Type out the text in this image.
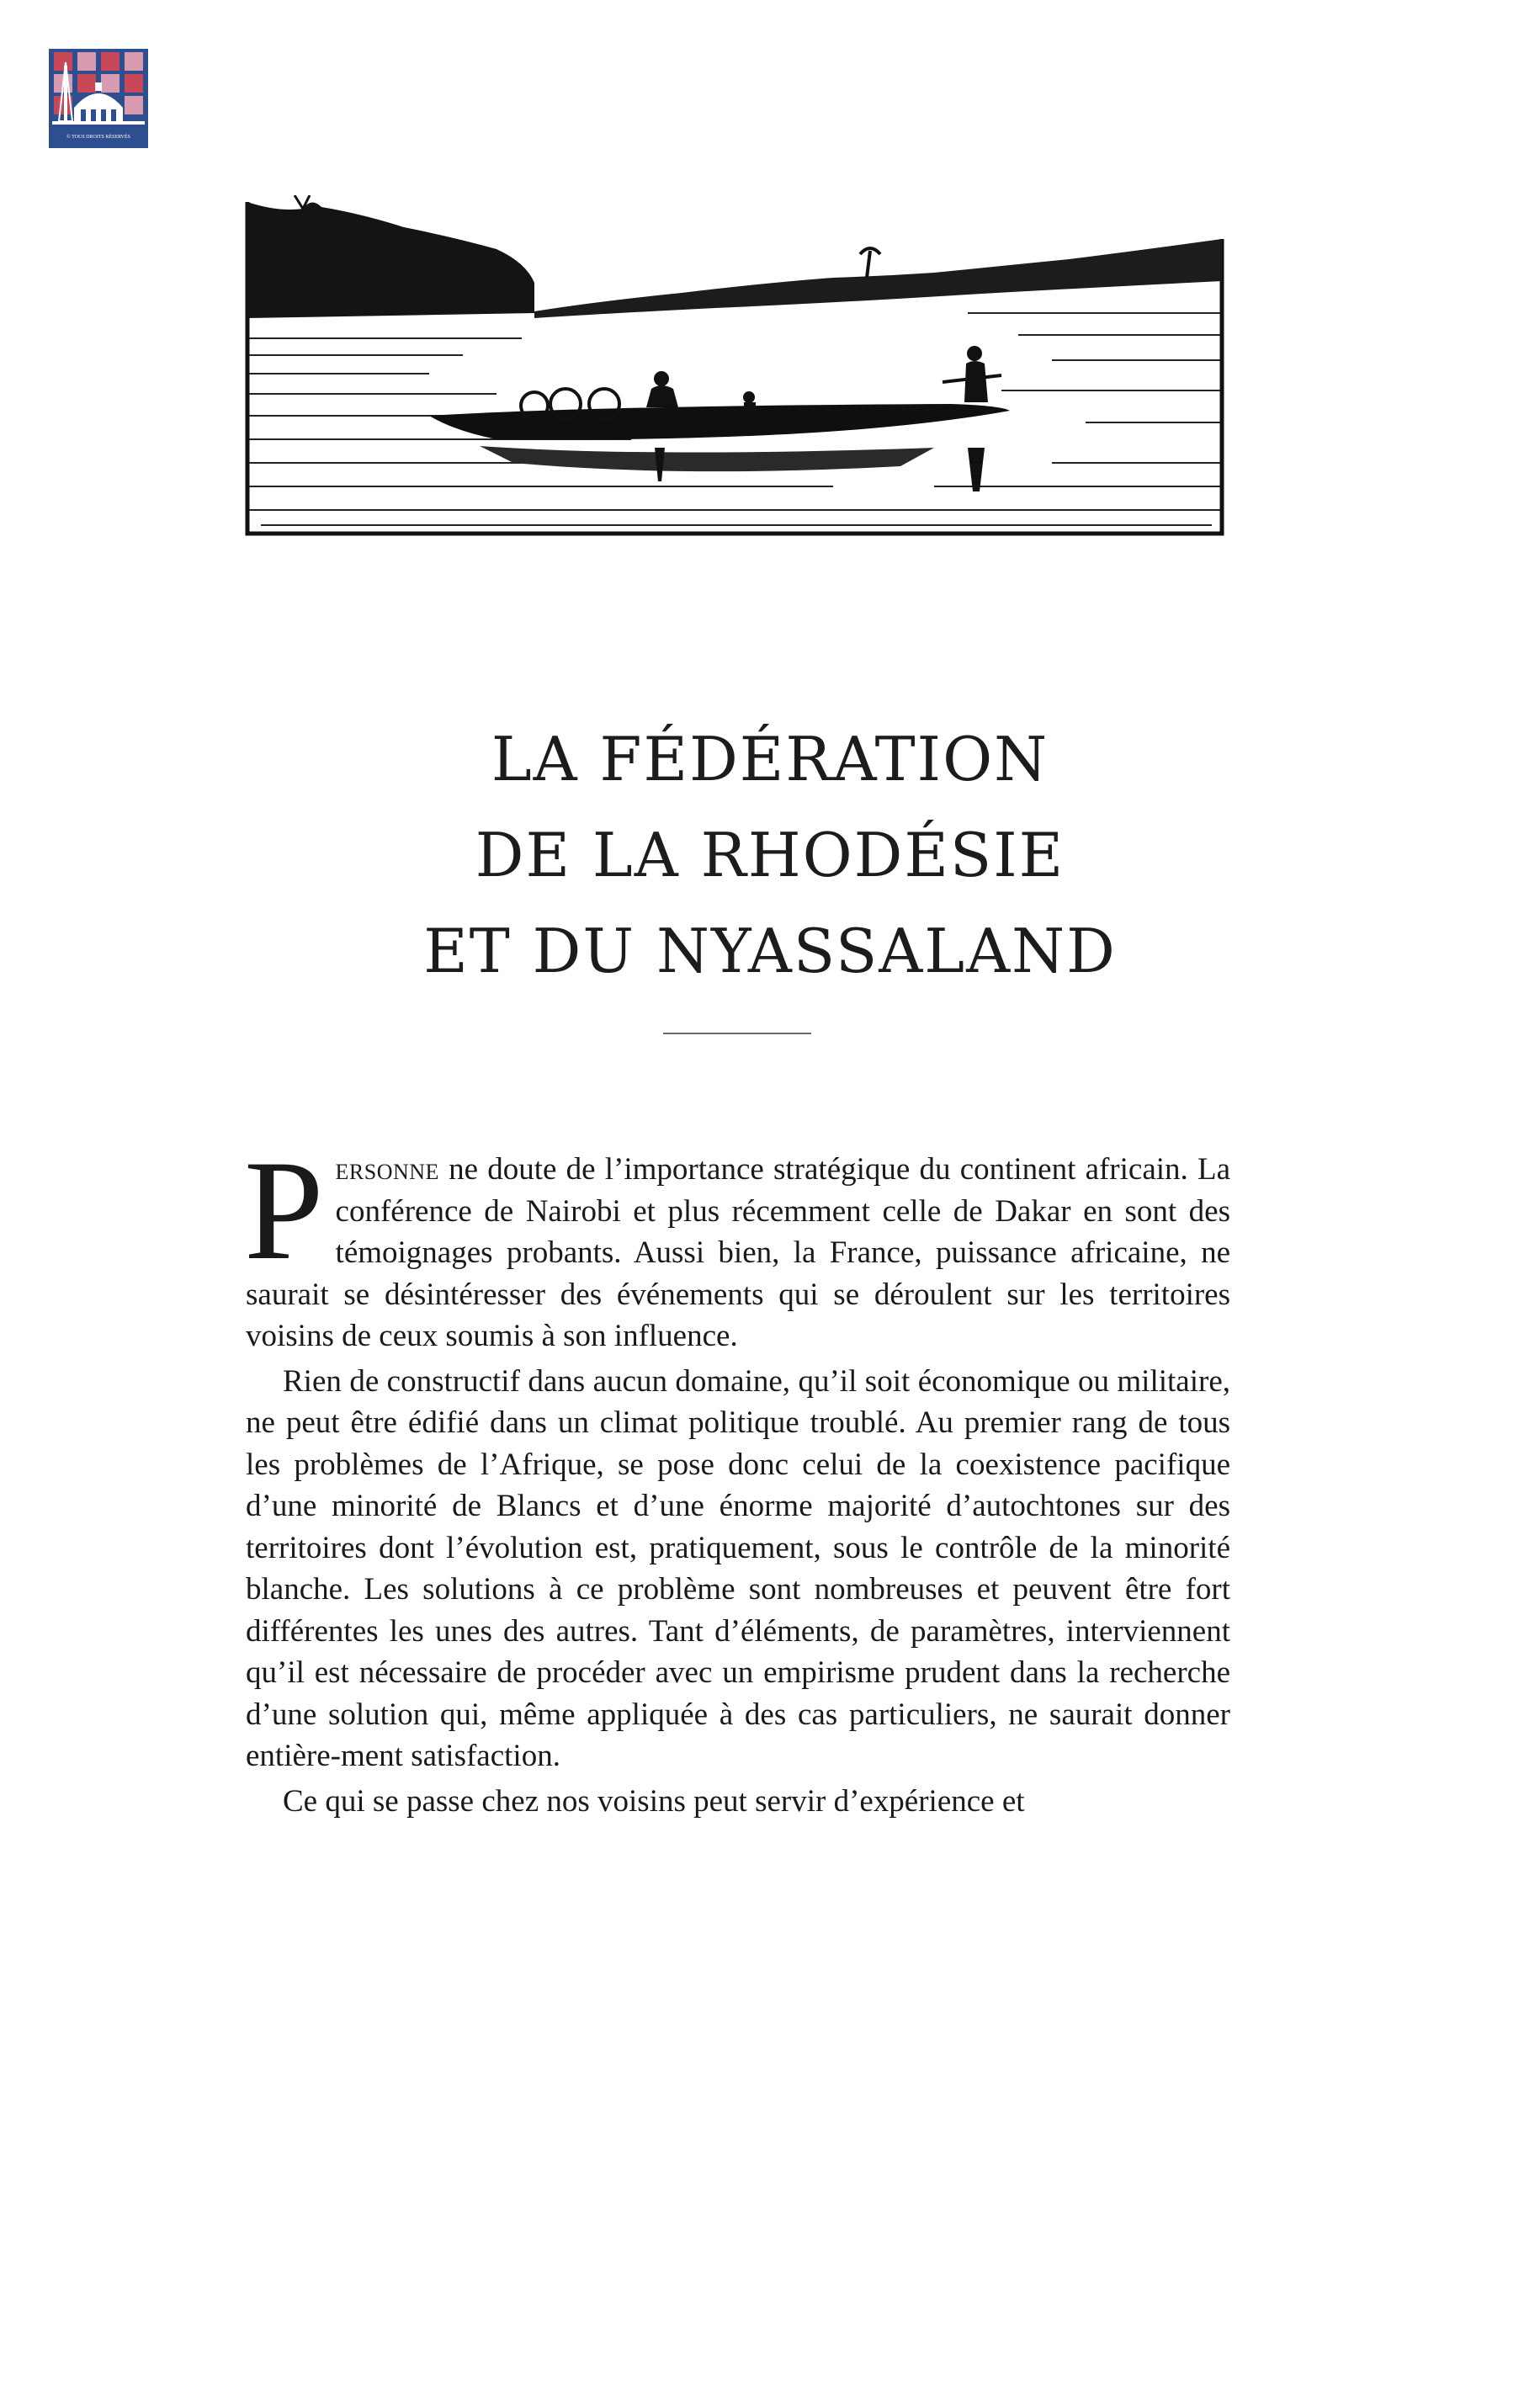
© TOUS DROITS RÉSERVÉS
LA FÉDÉRATION
DE LA RHODÉSIE
ET DU NYASSALAND

Personne ne doute de l’importance stratégique du continent africain. La conférence de Nairobi et plus récemment celle de Dakar en sont des témoignages probants. Aussi bien, la France, puissance africaine, ne saurait se désintéresser des événements qui se déroulent sur les territoires voisins de ceux soumis à son influence.

Rien de constructif dans aucun domaine, qu’il soit économique ou militaire, ne peut être édifié dans un climat politique troublé. Au premier rang de tous les problèmes de l’Afrique, se pose donc celui de la coexistence pacifique d’une minorité de Blancs et d’une énorme majorité d’autochtones sur des territoires dont l’évolution est, pratiquement, sous le contrôle de la minorité blanche. Les solutions à ce problème sont nombreuses et peuvent être fort différentes les unes des autres. Tant d’éléments, de paramètres, interviennent qu’il est nécessaire de procéder avec un empirisme prudent dans la recherche d’une solution qui, même appliquée à des cas particuliers, ne saurait donner entière-ment satisfaction.

Ce qui se passe chez nos voisins peut servir d’expérience et
